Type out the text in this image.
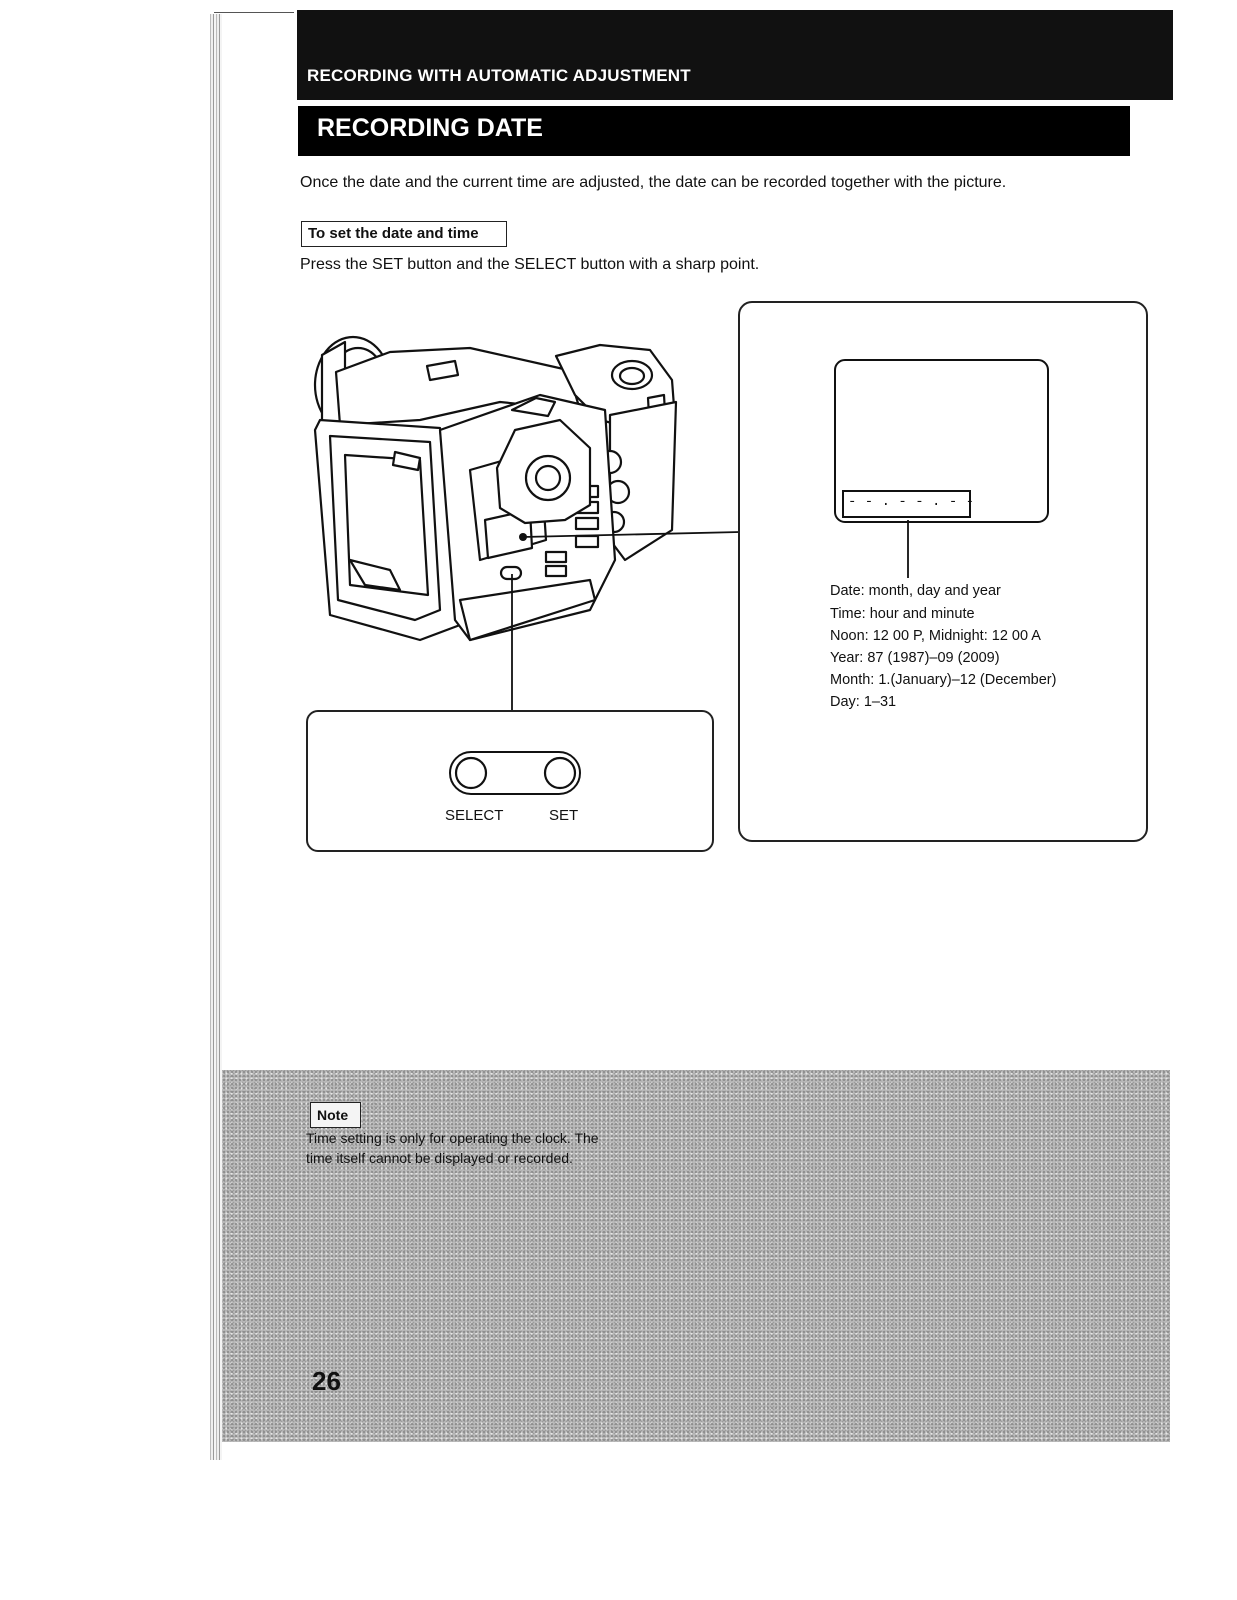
RECORDING WITH AUTOMATIC ADJUSTMENT
RECORDING DATE
Once the date and the current time are adjusted, the date can be recorded together with the picture.
To set the date and time
Press the SET button and the SELECT button with a sharp point.
- - . - - . - -
Date: month, day and year
Time: hour and minute
Noon: 12 00 P, Midnight: 12 00 A
Year: 87 (1987)–09 (2009)
Month: 1.(January)–12 (December)
Day: 1–31
SELECT	SET
Note
Time setting is only for operating the clock. The
time itself cannot be displayed or recorded.
26
